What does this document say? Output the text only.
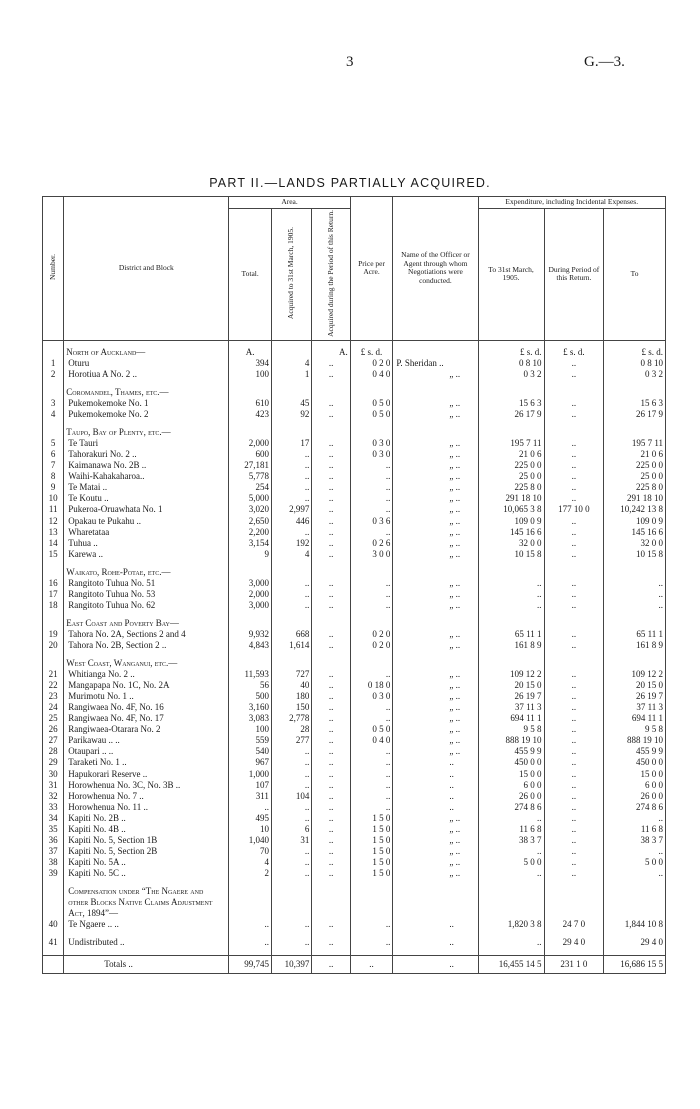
3	G.—3.
PART II.—LANDS PARTIALLY ACQUIRED.
Number.	District and Block	Area.			Price per Acre.	Name of the Officer or Agent through whom Negotiations were conducted.	Expenditure, including Incidental Expenses.		
		Total.	Acquired to 31st March, 1905.	Acquired during the Period of this Return.			To 31st March, 1905.	During Period of this Return.	To
	North of Auckland—	A.		A.	£ s. d.		£ s. d.	£ s. d.	£ s. d.
1	Oturu	394	4	..	0 2 0	P. Sheridan ..	0 8 10	..	0 8 10
2	Horotiua A No. 2 ..	100	1	..	0 4 0	„ ..	0 3 2	..	0 3 2

	Coromandel, Thames, etc.—								
3	Pukemokemoke No. 1	610	45	..	0 5 0	„ ..	15 6 3	..	15 6 3
4	Pukemokemoke No. 2	423	92	..	0 5 0	„ ..	26 17 9	..	26 17 9

	Taupo, Bay of Plenty, etc.—								
5	Te Tauri	2,000	17	..	0 3 0	„ ..	195 7 11	..	195 7 11
6	Tahorakuri No. 2 ..	600	..	..	0 3 0	„ ..	21 0 6	..	21 0 6
7	Kaimanawa No. 2B ..	27,181	..	..	..	„ ..	225 0 0	..	225 0 0
8	Waihi-Kahakaharoa..	5,778	..	..	..	„ ..	25 0 0	..	25 0 0
9	Te Matai ..	254	..	..	..	„ ..	225 8 0	..	225 8 0
10	Te Koutu ..	5,000	..	..	..	„ ..	291 18 10	..	291 18 10
11	Pukeroa-Oruawhata No. 1	3,020	2,997	..	..	„ ..	10,065 3 8	177 10 0	10,242 13 8
12	Opakau te Pukahu ..	2,650	446	..	0 3 6	„ ..	109 0 9	..	109 0 9
13	Wharetataa	2,200	..	..	..	„ ..	145 16 6	..	145 16 6
14	Tuhua ..	3,154	192	..	0 2 6	„ ..	32 0 0	..	32 0 0
15	Karewa ..	9	4	..	3 0 0	„ ..	10 15 8	..	10 15 8

	Waikato, Rohe-Potae, etc.—								
16	Rangitoto Tuhua No. 51	3,000	..	..	..	„ ..	..	..	..
17	Rangitoto Tuhua No. 53	2,000	..	..	..	„ ..	..	..	..
18	Rangitoto Tuhua No. 62	3,000	..	..	..	„ ..	..	..	..

	East Coast and Poverty Bay—								
19	Tahora No. 2A, Sections 2 and 4	9,932	668	..	0 2 0	„ ..	65 11 1	..	65 11 1
20	Tahora No. 2B, Section 2 ..	4,843	1,614	..	0 2 0	„ ..	161 8 9	..	161 8 9

	West Coast, Wanganui, etc.—								
21	Whitianga No. 2 ..	11,593	727	..	..	„ ..	109 12 2	..	109 12 2
22	Mangapapa No. 1C, No. 2A	56	40	..	0 18 0	„ ..	20 15 0	..	20 15 0
23	Murimotu No. 1 ..	500	180	..	0 3 0	„ ..	26 19 7	..	26 19 7
24	Rangiwaea No. 4F, No. 16	3,160	150	..	..	„ ..	37 11 3	..	37 11 3
25	Rangiwaea No. 4F, No. 17	3,083	2,778	..	..	„ ..	694 11 1	..	694 11 1
26	Rangiwaea-Otarara No. 2	100	28	..	0 5 0	„ ..	9 5 8	..	9 5 8
27	Parikawau .. ..	559	277	..	0 4 0	„ ..	888 19 10	..	888 19 10
28	Otaupari .. ..	540	..	..	..	„ ..	455 9 9	..	455 9 9
29	Taraketi No. 1 ..	967	..	..	..	..	450 0 0	..	450 0 0
30	Hapukorari Reserve ..	1,000	..	..	..	..	15 0 0	..	15 0 0
31	Horowhenua No. 3C, No. 3B ..	107	..	..	..	..	6 0 0	..	6 0 0
32	Horowhenua No. 7 ..	311	104	..	..	..	26 0 0	..	26 0 0
33	Horowhenua No. 11 ..	..	..	..	..	..	274 8 6	..	274 8 6
34	Kapiti No. 2B ..	495	..	..	1 5 0	„ ..	..	..	..
35	Kapiti No. 4B ..	10	6	..	1 5 0	„ ..	11 6 8	..	11 6 8
36	Kapiti No. 5, Section 1B	1,040	31	..	1 5 0	„ ..	38 3 7	..	38 3 7
37	Kapiti No. 5, Section 2B	70	..	..	1 5 0	„ ..	..	..	..
38	Kapiti No. 5A ..	4	..	..	1 5 0	„ ..	5 0 0	..	5 0 0
39	Kapiti No. 5C ..	2	..	..	1 5 0	„ ..	..	..	..

	Compensation under “The Ngaere and other Blocks Native Claims Adjustment Act, 1894”—								
40	Te Ngaere .. ..	..	..	..	..	..	1,820 3 8	24 7 0	1,844 10 8

41	Undistributed ..	..	..	..	..	..	..	29 4 0	29 4 0

	Totals ..	99,745	10,397	..	..	..	16,455 14 5	231 1 0	16,686 15 5
